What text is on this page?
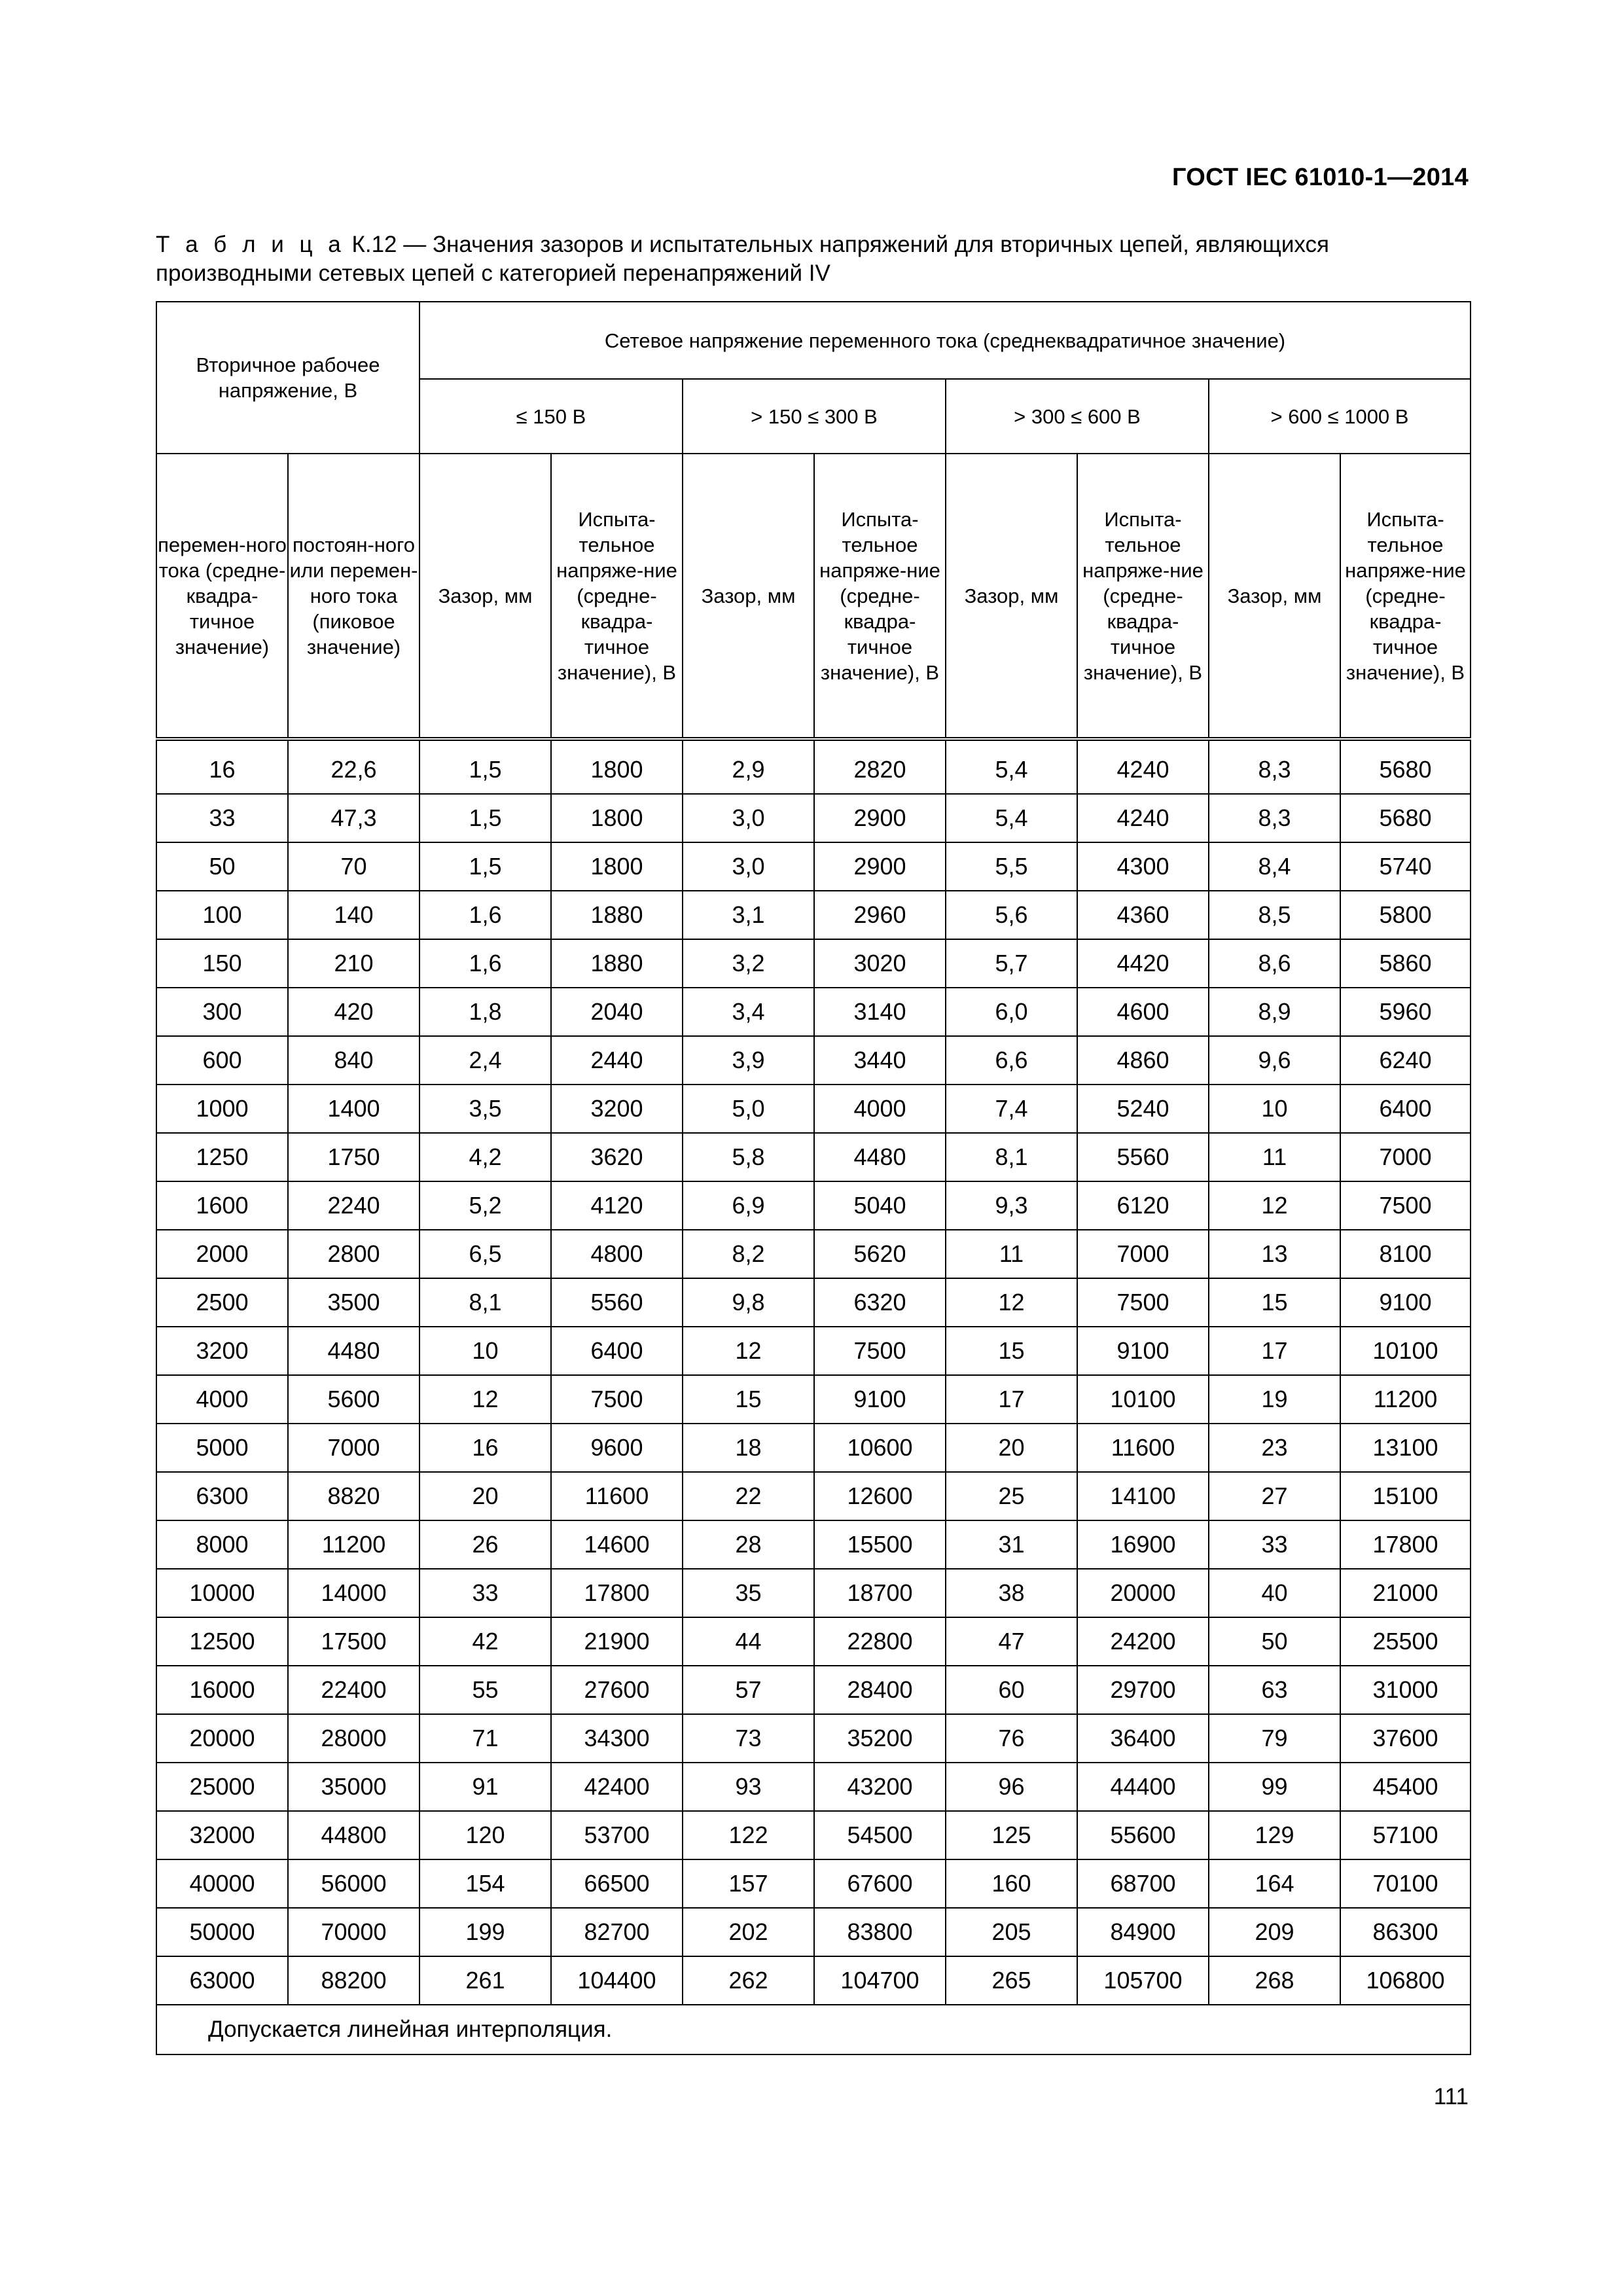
ГОСТ IEC 61010-1—2014
Т а б л и ц а К.12 — Значения зазоров и испытательных напряжений для вторичных цепей, являющихся производными сетевых цепей с категорией перенапряжений IV
Вторичное рабочее напряжение, В		Сетевое напряжение переменного тока (среднеквадратичное значение)							
		≤ 150 В		> 150 ≤ 300 В		> 300 ≤ 600 В		> 600 ≤ 1000 В	
перемен-ного тока (средне-квадра-тичное значение)	постоян-ного или перемен-ного тока (пиковое значение)	Зазор, мм	Испыта-тельное напряже-ние (средне-квадра-тичное значение), В	Зазор, мм	Испыта-тельное напряже-ние (средне-квадра-тичное значение), В	Зазор, мм	Испыта-тельное напряже-ние (средне-квадра-тичное значение), В	Зазор, мм	Испыта-тельное напряже-ние (средне-квадра-тичное значение), В
16	22,6	1,5	1800	2,9	2820	5,4	4240	8,3	5680
33	47,3	1,5	1800	3,0	2900	5,4	4240	8,3	5680
50	70	1,5	1800	3,0	2900	5,5	4300	8,4	5740
100	140	1,6	1880	3,1	2960	5,6	4360	8,5	5800
150	210	1,6	1880	3,2	3020	5,7	4420	8,6	5860
300	420	1,8	2040	3,4	3140	6,0	4600	8,9	5960
600	840	2,4	2440	3,9	3440	6,6	4860	9,6	6240
1000	1400	3,5	3200	5,0	4000	7,4	5240	10	6400
1250	1750	4,2	3620	5,8	4480	8,1	5560	11	7000
1600	2240	5,2	4120	6,9	5040	9,3	6120	12	7500
2000	2800	6,5	4800	8,2	5620	11	7000	13	8100
2500	3500	8,1	5560	9,8	6320	12	7500	15	9100
3200	4480	10	6400	12	7500	15	9100	17	10100
4000	5600	12	7500	15	9100	17	10100	19	11200
5000	7000	16	9600	18	10600	20	11600	23	13100
6300	8820	20	11600	22	12600	25	14100	27	15100
8000	11200	26	14600	28	15500	31	16900	33	17800
10000	14000	33	17800	35	18700	38	20000	40	21000
12500	17500	42	21900	44	22800	47	24200	50	25500
16000	22400	55	27600	57	28400	60	29700	63	31000
20000	28000	71	34300	73	35200	76	36400	79	37600
25000	35000	91	42400	93	43200	96	44400	99	45400
32000	44800	120	53700	122	54500	125	55600	129	57100
40000	56000	154	66500	157	67600	160	68700	164	70100
50000	70000	199	82700	202	83800	205	84900	209	86300
63000	88200	261	104400	262	104700	265	105700	268	106800
Допускается линейная интерполяция.									
111
